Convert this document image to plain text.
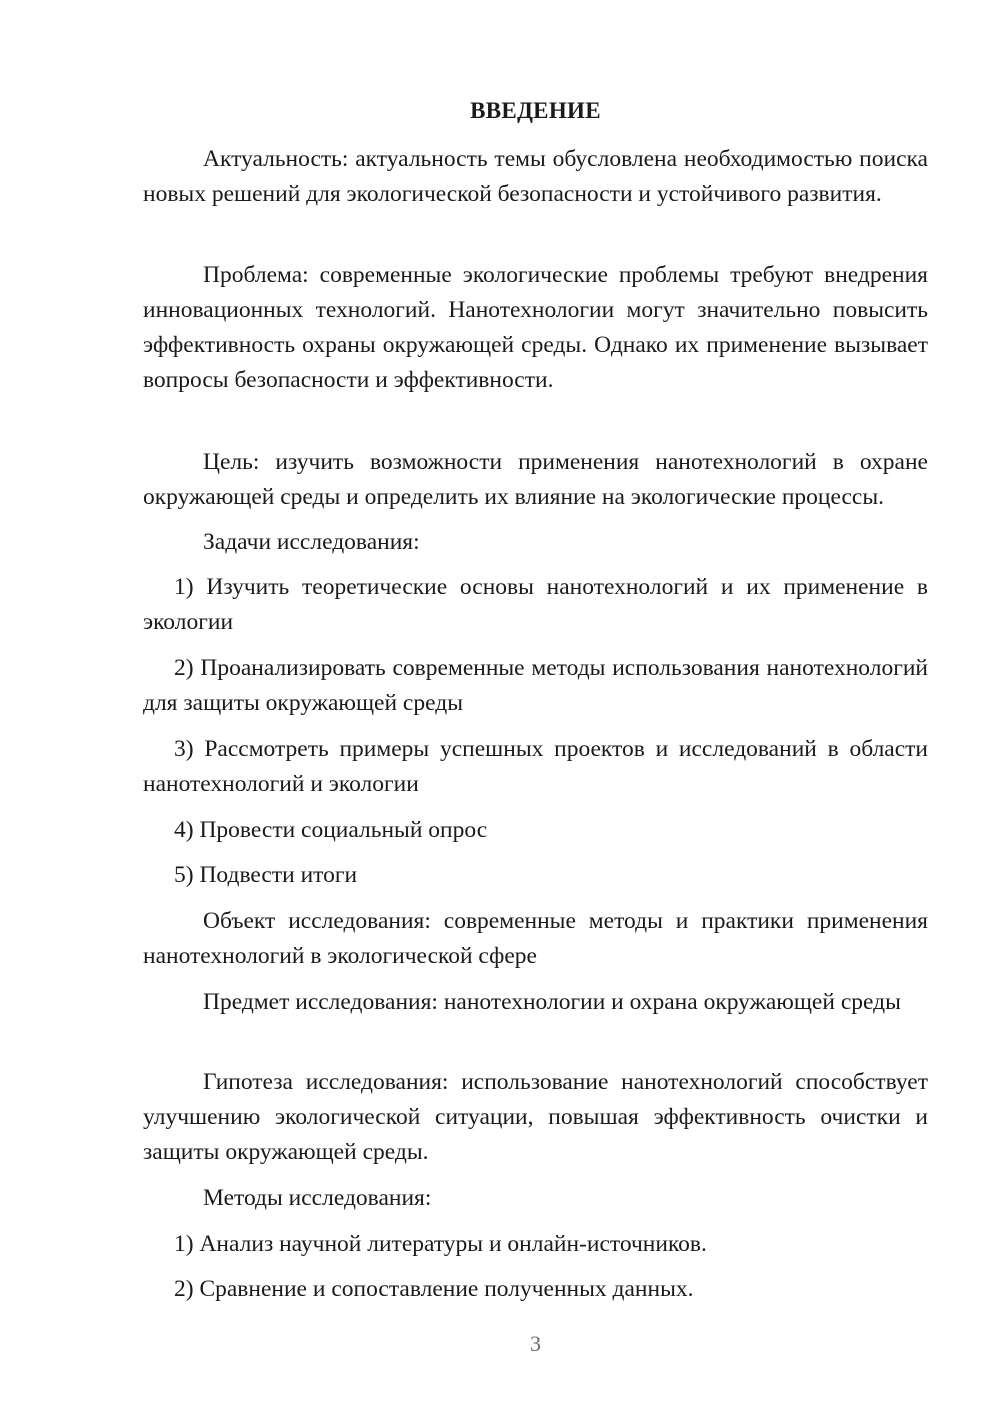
ВВЕДЕНИЕ

Актуальность: актуальность темы обусловлена необходимостью поиска новых решений для экологической безопасности и устойчивого развития.

Проблема: современные экологические проблемы требуют внедрения инновационных технологий. Нанотехнологии могут значительно повысить эффективность охраны окружающей среды. Однако их применение вызывает вопросы безопасности и эффективности.

Цель: изучить возможности применения нанотехнологий в охране окружающей среды и определить их влияние на экологические процессы.

Задачи исследования:

1) Изучить теоретические основы нанотехнологий и их применение в экологии

2) Проанализировать современные методы использования нанотехнологий для защиты окружающей среды

3) Рассмотреть примеры успешных проектов и исследований в области нанотехнологий и экологии

4) Провести социальный опрос

5) Подвести итоги

Объект исследования: современные методы и практики применения нанотехнологий в экологической сфере

Предмет исследования: нанотехнологии и охрана окружающей среды

Гипотеза исследования: использование нанотехнологий способствует улучшению экологической ситуации, повышая эффективность очистки и защиты окружающей среды.

Методы исследования:

1) Анализ научной литературы и онлайн-источников.

2) Сравнение и сопоставление полученных данных.

3
